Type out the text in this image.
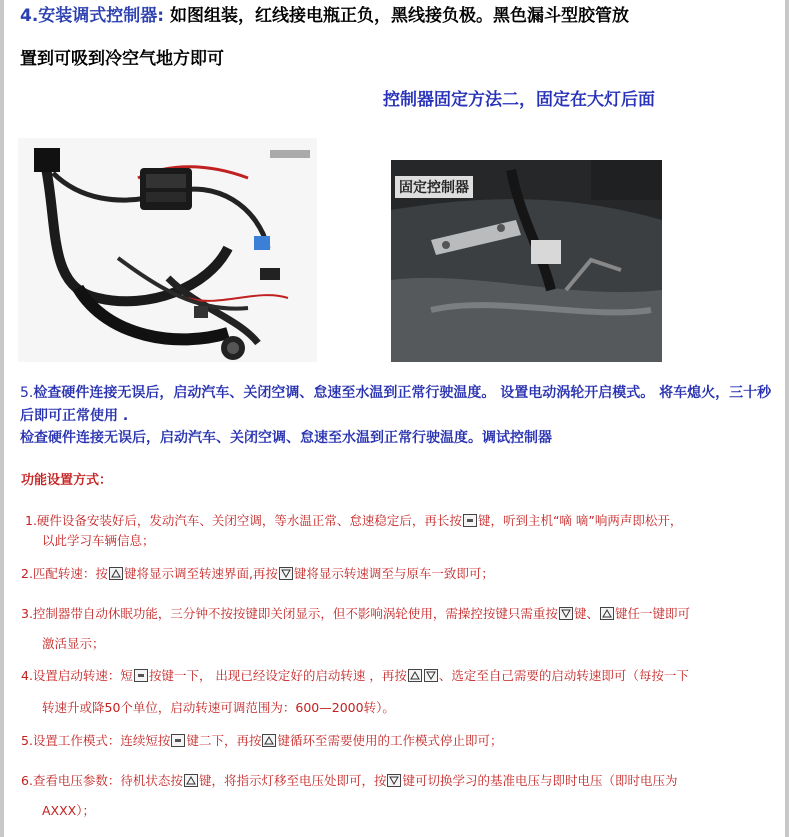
4.安装调式控制器: 如图组装，红线接电瓶正负，黑线接负极。黑色漏斗型胶管放
置到可吸到冷空气地方即可
控制器固定方法二，固定在大灯后面
固定控制器
5.检查硬件连接无误后，启动汽车、关闭空调、怠速至水温到正常行驶温度。 设置电动涡轮开启模式。 将车熄火，三十秒后即可正常使用 .
检查硬件连接无误后，启动汽车、关闭空调、怠速至水温到正常行驶温度。调试控制器
功能设置方式：
1.硬件设备安装好后，发动汽车、关闭空调，等水温正常、怠速稳定后，再长按 键，听到主机“嘀 嘀”响两声即松开，
以此学习车辆信息；
2.匹配转速：按 键将显示调至转速界面,再按 键将显示转速调至与原车一致即可；
3.控制器带自动休眠功能，三分钟不按按键即关闭显示，但不影响涡轮使用，需操控按键只需重按 键、 键任一键即可
激活显示；
4.设置启动转速：短 按键一下， 出现已经设定好的启动转速 ，再按	、选定至自己需要的启动转速即可（每按一下
转速升或降50个单位，启动转速可调范围为：600—2000转）。
5.设置工作模式：连续短按 键二下，再按 键循环至需要使用的工作模式停止即可；
6.查看电压参数：待机状态按 键，将指示灯移至电压处即可，按 键可切换学习的基准电压与即时电压（即时电压为
AXXX）；
